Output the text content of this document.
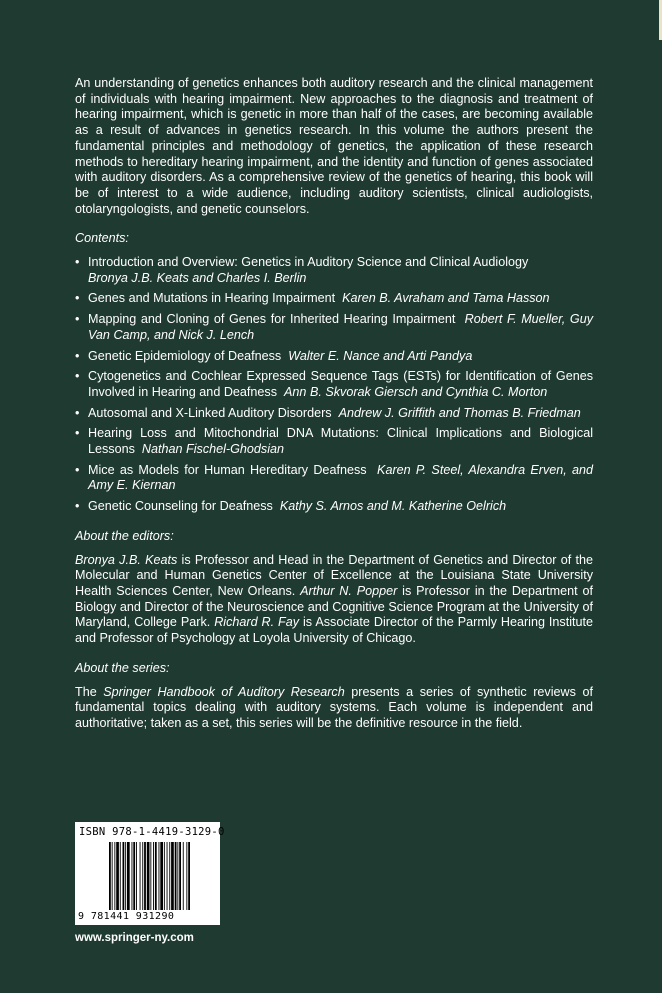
An understanding of genetics enhances both auditory research and the clinical management of individuals with hearing impairment. New approaches to the diagnosis and treatment of hearing impairment, which is genetic in more than half of the cases, are becoming available as a result of advances in genetics research. In this volume the authors present the fundamental principles and methodology of genetics, the application of these research methods to hereditary hearing impairment, and the identity and function of genes associated with auditory disorders. As a comprehensive review of the genetics of hearing, this book will be of interest to a wide audience, including auditory scientists, clinical audiologists, otolaryngologists, and genetic counselors.

Contents:
• Introduction and Overview: Genetics in Auditory Science and Clinical Audiology
Bronya J.B. Keats and Charles I. Berlin
• Genes and Mutations in Hearing Impairment Karen B. Avraham and Tama Hasson
• Mapping and Cloning of Genes for Inherited Hearing Impairment Robert F. Mueller, Guy Van Camp, and Nick J. Lench
• Genetic Epidemiology of Deafness Walter E. Nance and Arti Pandya
• Cytogenetics and Cochlear Expressed Sequence Tags (ESTs) for Identification of Genes Involved in Hearing and Deafness Ann B. Skvorak Giersch and Cynthia C. Morton
• Autosomal and X-Linked Auditory Disorders Andrew J. Griffith and Thomas B. Friedman
• Hearing Loss and Mitochondrial DNA Mutations: Clinical Implications and Biological Lessons Nathan Fischel-Ghodsian
• Mice as Models for Human Hereditary Deafness Karen P. Steel, Alexandra Erven, and Amy E. Kiernan
• Genetic Counseling for Deafness Kathy S. Arnos and M. Katherine Oelrich
About the editors:

Bronya J.B. Keats is Professor and Head in the Department of Genetics and Director of the Molecular and Human Genetics Center of Excellence at the Louisiana State University Health Sciences Center, New Orleans. Arthur N. Popper is Professor in the Department of Biology and Director of the Neuroscience and Cognitive Science Program at the University of Maryland, College Park. Richard R. Fay is Associate Director of the Parmly Hearing Institute and Professor of Psychology at Loyola University of Chicago.

About the series:

The Springer Handbook of Auditory Research presents a series of synthetic reviews of fundamental topics dealing with auditory systems. Each volume is independent and authoritative; taken as a set, this series will be the definitive resource in the field.

ISBN 978-1-4419-3129-0
9 781441 931290
www.springer-ny.com
